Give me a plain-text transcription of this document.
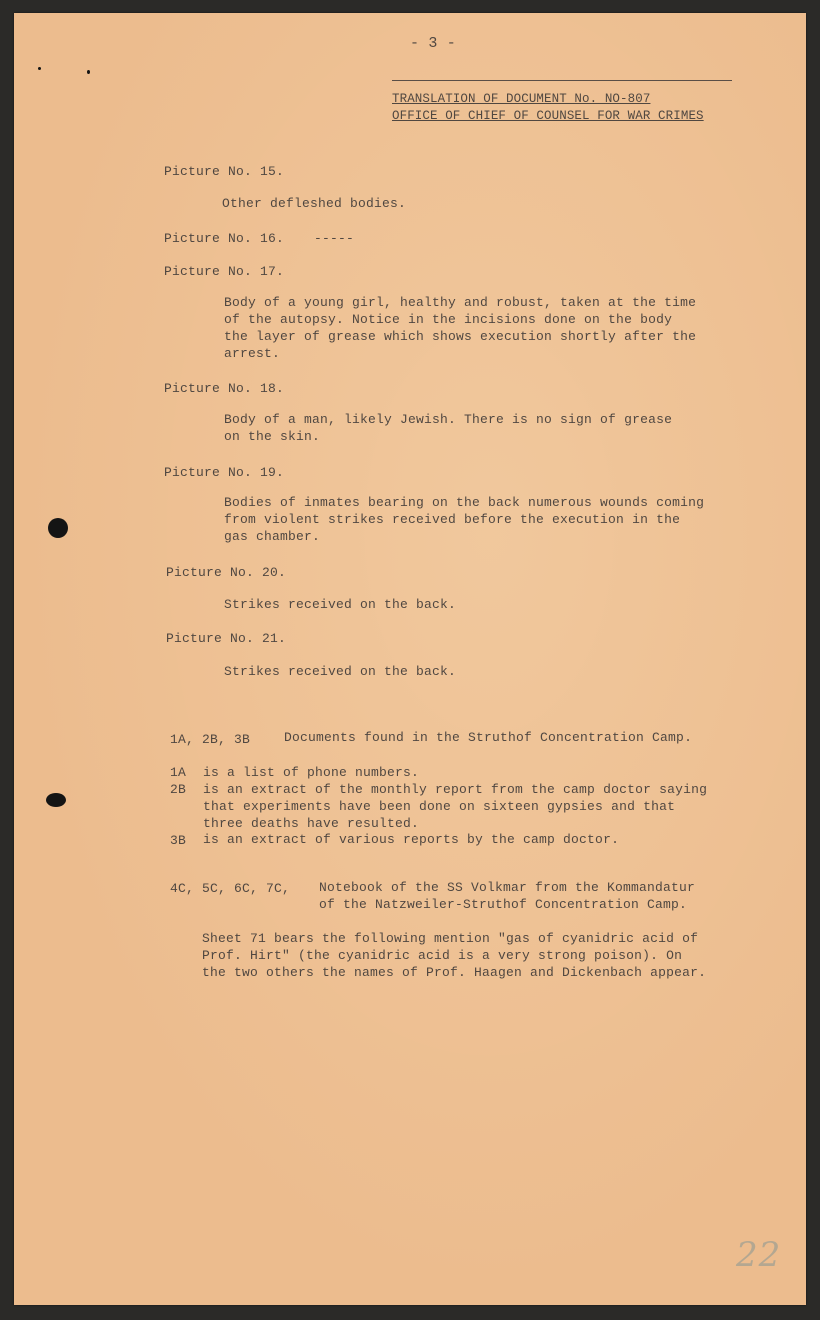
- 3 -
TRANSLATION OF DOCUMENT No. NO-807
OFFICE OF CHIEF OF COUNSEL FOR WAR CRIMES
Picture No. 15.
Other defleshed bodies.
Picture No. 16. -----
Picture No. 17.
Body of a young girl, healthy and robust, taken at the time
of the autopsy. Notice in the incisions done on the body
the layer of grease which shows execution shortly after the
arrest.
Picture No. 18.
Body of a man, likely Jewish. There is no sign of grease
on the skin.
Picture No. 19.
Bodies of inmates bearing on the back numerous wounds coming
from violent strikes received before the execution in the
gas chamber.
Picture No. 20.
Strikes received on the back.
Picture No. 21.
Strikes received on the back.
1A, 2B, 3B	Documents found in the Struthof Concentration Camp.
1A is a list of phone numbers.
2B is an extract of the monthly report from the camp doctor saying
that experiments have been done on sixteen gypsies and that
three deaths have resulted.
3B is an extract of various reports by the camp doctor.
4C, 5C, 6C, 7C, Notebook of the SS Volkmar from the Kommandatur
of the Natzweiler-Struthof Concentration Camp.
Sheet 71 bears the following mention "gas of cyanidric acid of
Prof. Hirt" (the cyanidric acid is a very strong poison). On
the two others the names of Prof. Haagen and Dickenbach appear.
22
